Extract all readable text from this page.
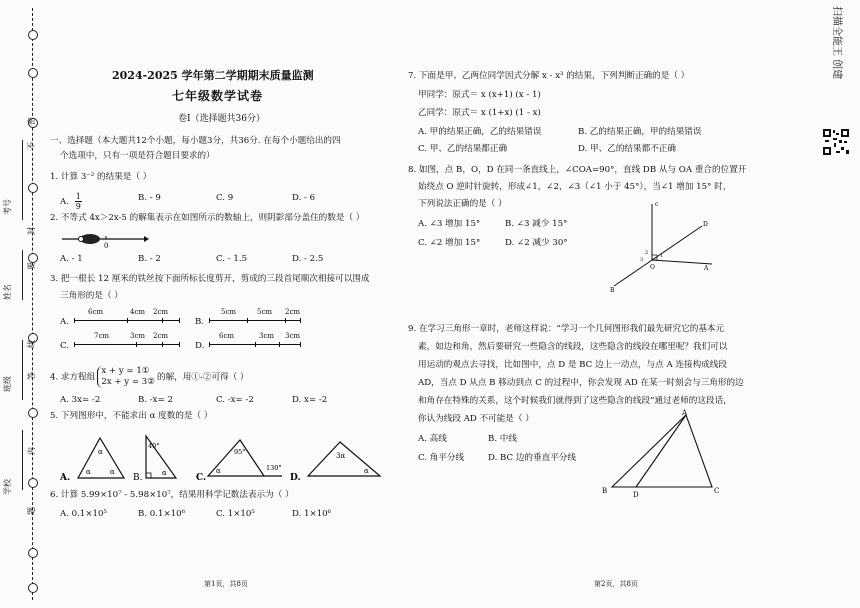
学校
班级
姓名
考号
密
封
线
内
不
要
答
题
扫描全能王 创建
2024-2025 学年第二学期期末质量监测
七年级数学试卷
卷Ⅰ（选择题共36分）
一、选择题（本大题共12个小题，每小题3分，共36分. 在每个小题给出的四
个选项中，只有一项是符合题目要求的）
1. 计算 3⁻² 的结果是（ ）
A. $\frac{1}{9}$	B. - 9	C. 9	D. - 6
2. 不等式 4x＞2x-5 的解集表示在如图所示的数轴上，则阴影部分盖住的数是（ ）
0
A. - 1	B. - 2	C. - 1.5	D. - 2.5
3. 把一根长 12 厘米的铁丝按下面所标长度剪开，剪成的三段首尾顺次相接可以围成
三角形的是（ ）
A.
6cm	4cm 2cm
B.
5cm	5cm 2cm
C.
7cm	3cm 2cm
D.
6cm	3cm 3cm
4. 求方程组
x + y = 1①
2x + y = 3② 的解，用①-②可得（ ）
A. 3x= -2	B. -x= 2	C. -x= -2	D. x= -2
5. 下列图形中，不能求出 α 度数的是（ ）
A.
α
α	α
B.
40°
α	C.
95°
α	130°
D.
3α
α
6. 计算 5.99×10⁷ - 5.98×10⁷，结果用科学记数法表示为（ ）
A. 0.1×10⁵	B. 0.1×10⁶	C. 1×10⁵	D. 1×10⁶
第1页，共8页
7. 下面是甲、乙两位同学因式分解 x - x³ 的结果，下列判断正确的是（ ）
甲同学：原式＝ x (x+1) (x - 1)
乙同学：原式＝ x (1+x) (1 - x)
A. 甲的结果正确，乙的结果错误	B. 乙的结果正确，甲的结果错误
C. 甲、乙的结果都正确	D. 甲、乙的结果都不正确
8. 如图，点 B，O，D 在同一条直线上，∠COA=90°，直线 DB 从与 OA 重合的位置开
始绕点 O 逆时针旋转，形成∠1，∠2，∠3（∠1 小于 45°），当∠1 增加 15° 时，
下列说法正确的是（ ）
A. ∠3 增加 15°	B. ∠3 减少 15°
C. ∠2 增加 15°	D. ∠2 减少 30°
c
D
A
B
O
1
2
3
9. 在学习三角形一章时，老师这样说：“学习一个几何图形我们最先研究它的基本元
素，如边和角，然后要研究一些隐含的线段，这些隐含的线段在哪里呢？我们可以
用运动的观点去寻找，比如图中，点 D 是 BC 边上一动点，与点 A 连接构成线段
AD，当点 D 从点 B 移动到点 C 的过程中，你会发现 AD 在某一时刻会与三角形的边
和角存在特殊的关系，这个时候我们就得到了这些隐含的线段”通过老师的这段话，
你认为线段 AD 不可能是（ ）
A. 高线	B. 中线
C. 角平分线	D. BC 边的垂直平分线
A
B	C
D
第2页，共8页
